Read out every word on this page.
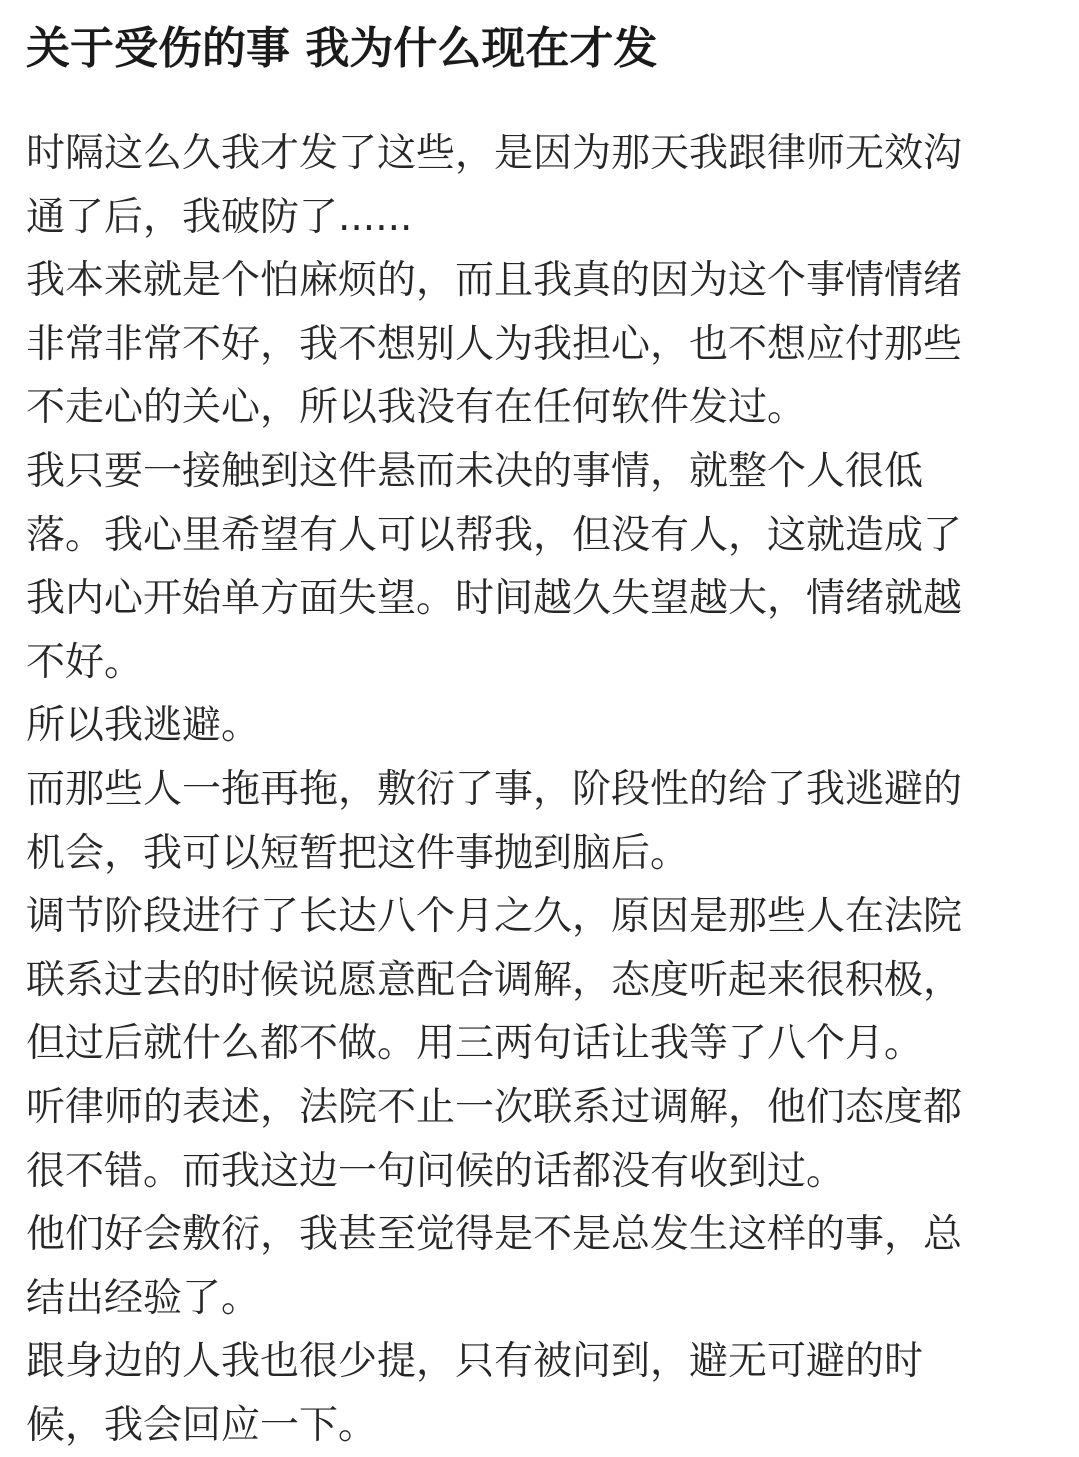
关于受伤的事 我为什么现在才发
时隔这么久我才发了这些，是因为那天我跟律师无效沟
通了后，我破防了......
我本来就是个怕麻烦的，而且我真的因为这个事情情绪
非常非常不好，我不想别人为我担心，也不想应付那些
不走心的关心，所以我没有在任何软件发过。
我只要一接触到这件悬而未决的事情，就整个人很低
落。我心里希望有人可以帮我，但没有人，这就造成了
我内心开始单方面失望。时间越久失望越大，情绪就越
不好。
所以我逃避。
而那些人一拖再拖，敷衍了事，阶段性的给了我逃避的
机会，我可以短暂把这件事抛到脑后。
调节阶段进行了长达八个月之久，原因是那些人在法院
联系过去的时候说愿意配合调解，态度听起来很积极，
但过后就什么都不做。用三两句话让我等了八个月。
听律师的表述，法院不止一次联系过调解，他们态度都
很不错。而我这边一句问候的话都没有收到过。
他们好会敷衍，我甚至觉得是不是总发生这样的事，总
结出经验了。
跟身边的人我也很少提，只有被问到，避无可避的时
候，我会回应一下。
